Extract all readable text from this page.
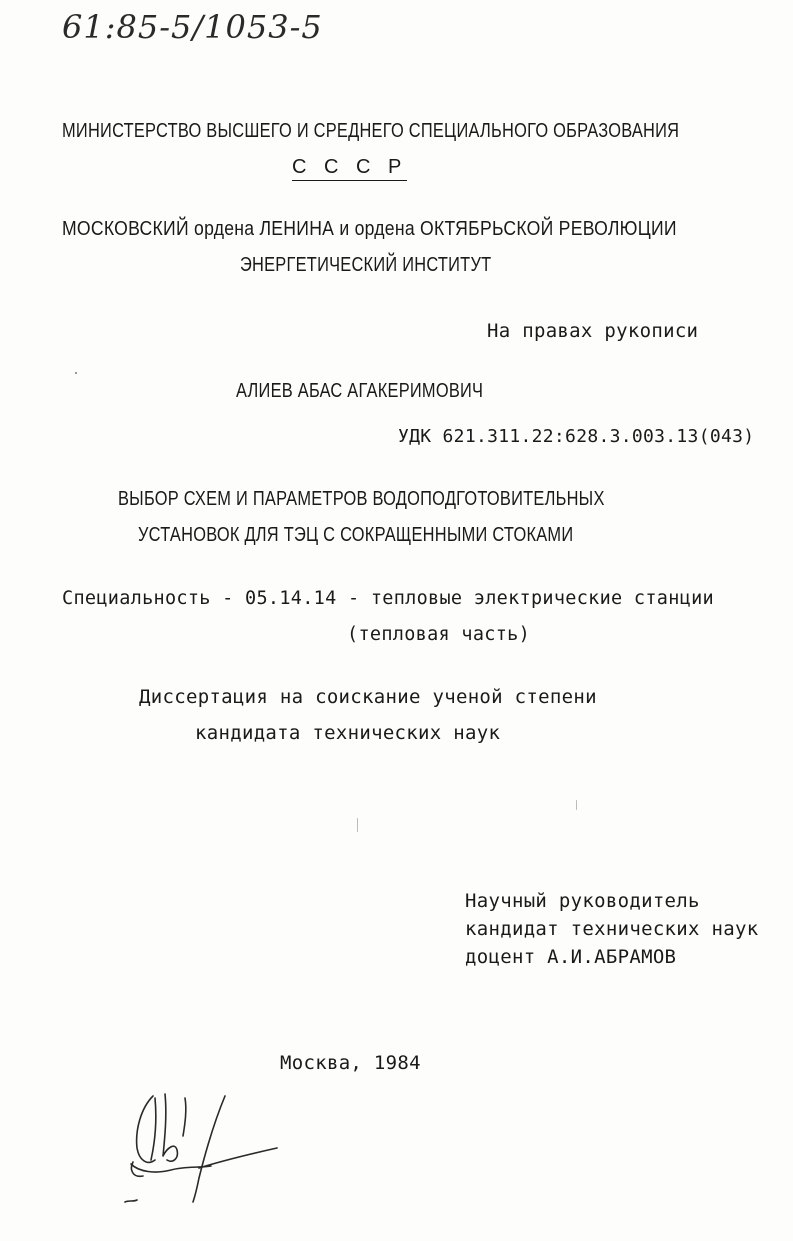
61:85-5/1053-5
МИНИСТЕРСТВО ВЫСШЕГО И СРЕДНЕГО СПЕЦИАЛЬНОГО ОБРАЗОВАНИЯ
С С С Р
МОСКОВСКИЙ ордена ЛЕНИНА и ордена ОКТЯБРЬСКОЙ РЕВОЛЮЦИИ
ЭНЕРГЕТИЧЕСКИЙ ИНСТИТУТ
На правах рукописи
АЛИЕВ АБАС АГАКЕРИМОВИЧ
УДК 621.311.22:628.3.003.13(043)
ВЫБОР СХЕМ И ПАРАМЕТРОВ ВОДОПОДГОТОВИТЕЛЬНЫХ
УСТАНОВОК ДЛЯ ТЭЦ С СОКРАЩЕННЫМИ СТОКАМИ
Специальность - 05.14.14 - тепловые электрические станции
(тепловая часть)
Диссертация на соискание ученой степени
кандидата технических наук
Научный руководитель
кандидат технических наук
доцент А.И.АБРАМОВ
Москва, 1984
